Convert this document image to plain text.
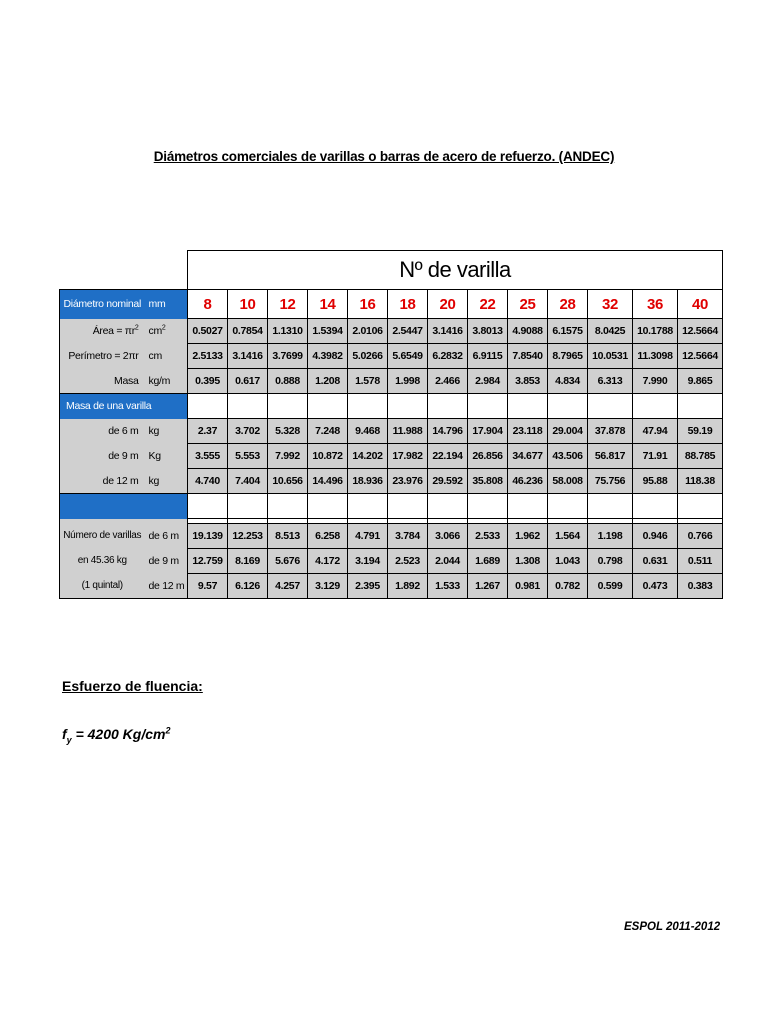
Diámetros comerciales de varillas o barras de acero de refuerzo. (ANDEC)
		Nº de varilla												
Diámetro nominal	mm	8	10	12	14	16	18	20	22	25	28	32	36	40
Área = $\pi r^2$	$cm^2$	0.5027	0.7854	1.1310	1.5394	2.0106	2.5447	3.1416	3.8013	4.9088	6.1575	8.0425	10.1788	12.5664
Perímetro = 2πr	cm	2.5133	3.1416	3.7699	4.3982	5.0266	5.6549	6.2832	6.9115	7.8540	8.7965	10.0531	11.3098	12.5664
Masa	kg/m	0.395	0.617	0.888	1.208	1.578	1.998	2.466	2.984	3.853	4.834	6.313	7.990	9.865
Masa de una varilla														
de 6 m	kg	2.37	3.702	5.328	7.248	9.468	11.988	14.796	17.904	23.118	29.004	37.878	47.94	59.19
de 9 m	Kg	3.555	5.553	7.992	10.872	14.202	17.982	22.194	26.856	34.677	43.506	56.817	71.91	88.785
de 12 m	kg	4.740	7.404	10.656	14.496	18.936	23.976	29.592	35.808	46.236	58.008	75.756	95.88	118.38

Número de varillas	de 6 m	19.139	12.253	8.513	6.258	4.791	3.784	3.066	2.533	1.962	1.564	1.198	0.946	0.766
en 45.36 kg	de 9 m	12.759	8.169	5.676	4.172	3.194	2.523	2.044	1.689	1.308	1.043	0.798	0.631	0.511
(1 quintal)	de 12 m	9.57	6.126	4.257	3.129	2.395	1.892	1.533	1.267	0.981	0.782	0.599	0.473	0.383
Esfuerzo de fluencia:
$f_y = 4200$ $Kg/cm^2$
ESPOL 2011-2012
